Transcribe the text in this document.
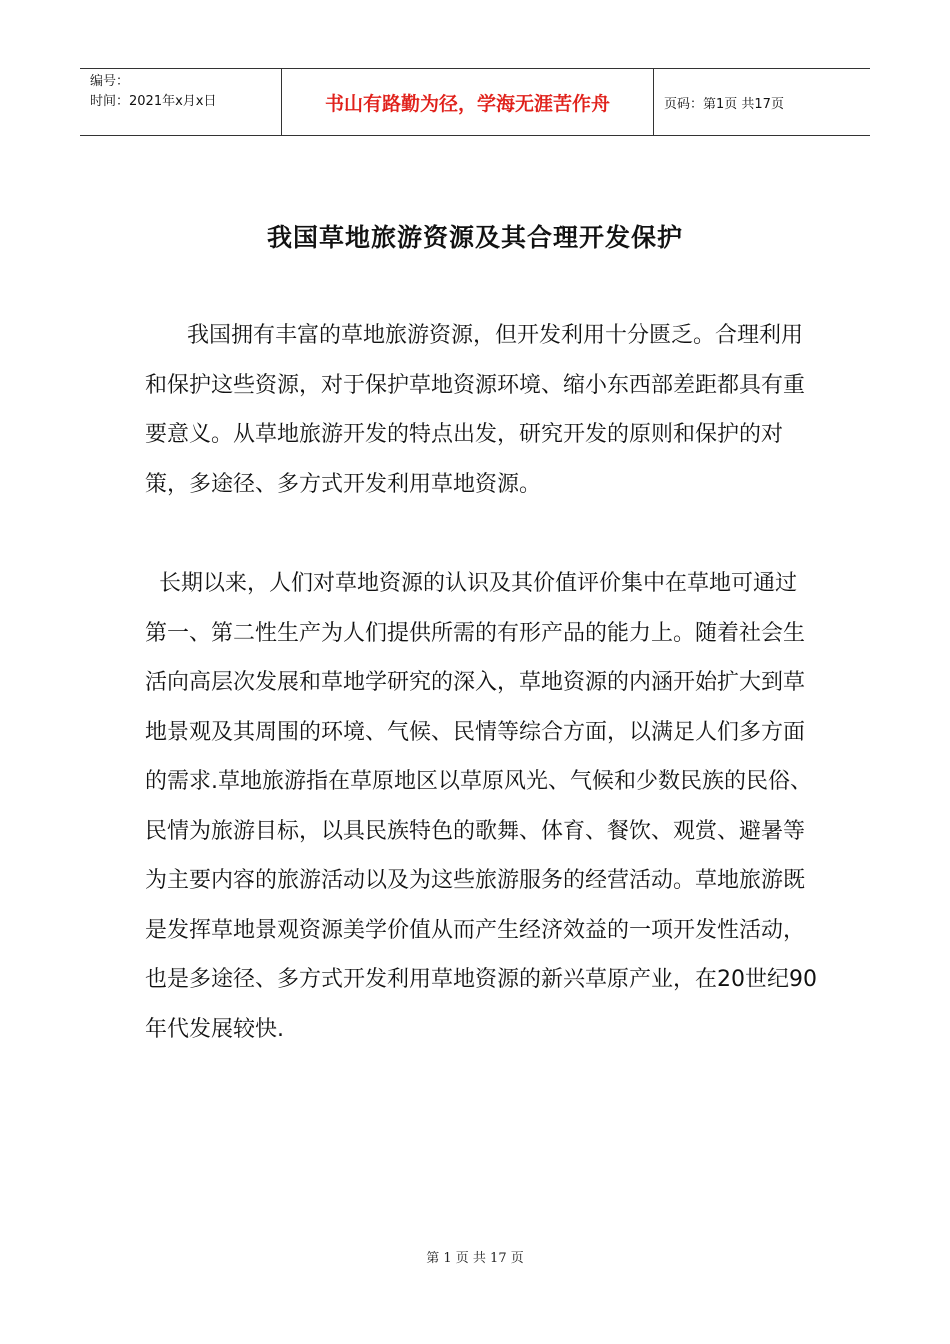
编号：
时间：2021年x月x日	书山有路勤为径，学海无涯苦作舟	页码：第1页 共17页
我国草地旅游资源及其合理开发保护

我国拥有丰富的草地旅游资源，但开发利用十分匮乏。合理利用和保护这些资源，对于保护草地资源环境、缩小东西部差距都具有重要意义。从草地旅游开发的特点出发，研究开发的原则和保护的对策，多途径、多方式开发利用草地资源。

长期以来，人们对草地资源的认识及其价值评价集中在草地可通过第一、第二性生产为人们提供所需的有形产品的能力上。随着社会生活向高层次发展和草地学研究的深入，草地资源的内涵开始扩大到草地景观及其周围的环境、气候、民情等综合方面，以满足人们多方面的需求.草地旅游指在草原地区以草原风光、气候和少数民族的民俗、民情为旅游目标，以具民族特色的歌舞、体育、餐饮、观赏、避暑等为主要内容的旅游活动以及为这些旅游服务的经营活动。草地旅游既是发挥草地景观资源美学价值从而产生经济效益的一项开发性活动，也是多途径、多方式开发利用草地资源的新兴草原产业，在20世纪90年代发展较快.

第 1 页 共 17 页
